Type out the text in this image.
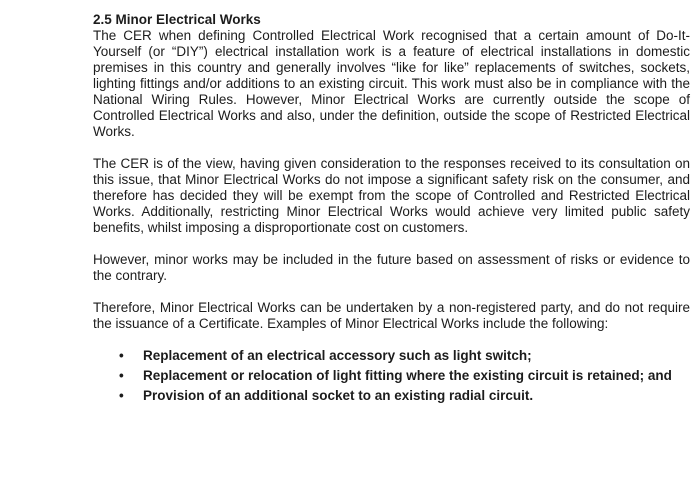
2.5 Minor Electrical Works

The CER when defining Controlled Electrical Work recognised that a certain amount of Do-It-Yourself (or “DIY”) electrical installation work is a feature of electrical installations in domestic premises in this country and generally involves “like for like” replacements of switches, sockets, lighting fittings and/or additions to an existing circuit. This work must also be in compliance with the National Wiring Rules. However, Minor Electrical Works are currently outside the scope of Controlled Electrical Works and also, under the definition, outside the scope of Restricted Electrical Works.

The CER is of the view, having given consideration to the responses received to its consultation on this issue, that Minor Electrical Works do not impose a significant safety risk on the consumer, and therefore has decided they will be exempt from the scope of Controlled and Restricted Electrical Works. Additionally, restricting Minor Electrical Works would achieve very limited public safety benefits, whilst imposing a disproportionate cost on customers.

However, minor works may be included in the future based on assessment of risks or evidence to the contrary.

Therefore, Minor Electrical Works can be undertaken by a non-registered party, and do not require the issuance of a Certificate. Examples of Minor Electrical Works include the following:

• Replacement of an electrical accessory such as light switch;
• Replacement or relocation of light fitting where the existing circuit is retained; and
• Provision of an additional socket to an existing radial circuit.
